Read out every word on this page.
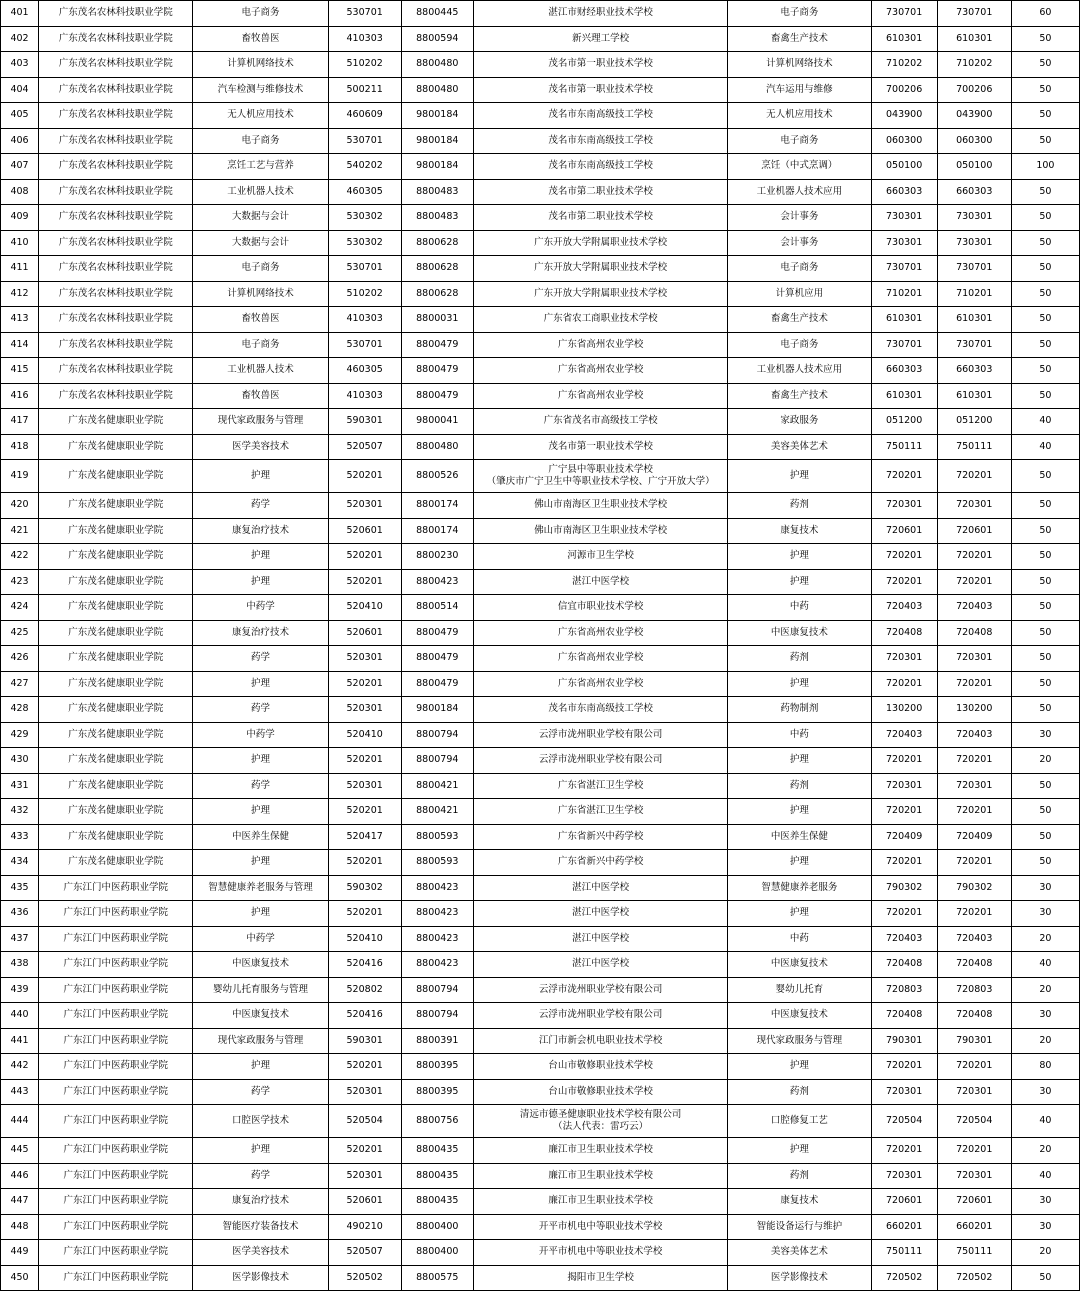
401	广东茂名农林科技职业学院	电子商务	530701	8800445	湛江市财经职业技术学校	电子商务	730701	730701	60

402	广东茂名农林科技职业学院	畜牧兽医	410303	8800594	新兴理工学校	畜禽生产技术	610301	610301	50

403	广东茂名农林科技职业学院	计算机网络技术	510202	8800480	茂名市第一职业技术学校	计算机网络技术	710202	710202	50

404	广东茂名农林科技职业学院	汽车检测与维修技术	500211	8800480	茂名市第一职业技术学校	汽车运用与维修	700206	700206	50

405	广东茂名农林科技职业学院	无人机应用技术	460609	9800184	茂名市东南高级技工学校	无人机应用技术	043900	043900	50

406	广东茂名农林科技职业学院	电子商务	530701	9800184	茂名市东南高级技工学校	电子商务	060300	060300	50

407	广东茂名农林科技职业学院	烹饪工艺与营养	540202	9800184	茂名市东南高级技工学校	烹饪（中式烹调）	050100	050100	100

408	广东茂名农林科技职业学院	工业机器人技术	460305	8800483	茂名市第二职业技术学校	工业机器人技术应用	660303	660303	50

409	广东茂名农林科技职业学院	大数据与会计	530302	8800483	茂名市第二职业技术学校	会计事务	730301	730301	50

410	广东茂名农林科技职业学院	大数据与会计	530302	8800628	广东开放大学附属职业技术学校	会计事务	730301	730301	50

411	广东茂名农林科技职业学院	电子商务	530701	8800628	广东开放大学附属职业技术学校	电子商务	730701	730701	50

412	广东茂名农林科技职业学院	计算机网络技术	510202	8800628	广东开放大学附属职业技术学校	计算机应用	710201	710201	50

413	广东茂名农林科技职业学院	畜牧兽医	410303	8800031	广东省农工商职业技术学校	畜禽生产技术	610301	610301	50

414	广东茂名农林科技职业学院	电子商务	530701	8800479	广东省高州农业学校	电子商务	730701	730701	50

415	广东茂名农林科技职业学院	工业机器人技术	460305	8800479	广东省高州农业学校	工业机器人技术应用	660303	660303	50

416	广东茂名农林科技职业学院	畜牧兽医	410303	8800479	广东省高州农业学校	畜禽生产技术	610301	610301	50

417	广东茂名健康职业学院	现代家政服务与管理	590301	9800041	广东省茂名市高级技工学校	家政服务	051200	051200	40

418	广东茂名健康职业学院	医学美容技术	520507	8800480	茂名市第一职业技术学校	美容美体艺术	750111	750111	40

419	广东茂名健康职业学院	护理	520201	8800526	广宁县中等职业技术学校
（肇庆市广宁卫生中等职业技术学校、广宁开放大学）	护理	720201	720201	50

420	广东茂名健康职业学院	药学	520301	8800174	佛山市南海区卫生职业技术学校	药剂	720301	720301	50

421	广东茂名健康职业学院	康复治疗技术	520601	8800174	佛山市南海区卫生职业技术学校	康复技术	720601	720601	50

422	广东茂名健康职业学院	护理	520201	8800230	河源市卫生学校	护理	720201	720201	50

423	广东茂名健康职业学院	护理	520201	8800423	湛江中医学校	护理	720201	720201	50

424	广东茂名健康职业学院	中药学	520410	8800514	信宜市职业技术学校	中药	720403	720403	50

425	广东茂名健康职业学院	康复治疗技术	520601	8800479	广东省高州农业学校	中医康复技术	720408	720408	50

426	广东茂名健康职业学院	药学	520301	8800479	广东省高州农业学校	药剂	720301	720301	50

427	广东茂名健康职业学院	护理	520201	8800479	广东省高州农业学校	护理	720201	720201	50

428	广东茂名健康职业学院	药学	520301	9800184	茂名市东南高级技工学校	药物制剂	130200	130200	50

429	广东茂名健康职业学院	中药学	520410	8800794	云浮市泷州职业学校有限公司	中药	720403	720403	30

430	广东茂名健康职业学院	护理	520201	8800794	云浮市泷州职业学校有限公司	护理	720201	720201	20

431	广东茂名健康职业学院	药学	520301	8800421	广东省湛江卫生学校	药剂	720301	720301	50

432	广东茂名健康职业学院	护理	520201	8800421	广东省湛江卫生学校	护理	720201	720201	50

433	广东茂名健康职业学院	中医养生保健	520417	8800593	广东省新兴中药学校	中医养生保健	720409	720409	50

434	广东茂名健康职业学院	护理	520201	8800593	广东省新兴中药学校	护理	720201	720201	50

435	广东江门中医药职业学院	智慧健康养老服务与管理	590302	8800423	湛江中医学校	智慧健康养老服务	790302	790302	30

436	广东江门中医药职业学院	护理	520201	8800423	湛江中医学校	护理	720201	720201	30

437	广东江门中医药职业学院	中药学	520410	8800423	湛江中医学校	中药	720403	720403	20

438	广东江门中医药职业学院	中医康复技术	520416	8800423	湛江中医学校	中医康复技术	720408	720408	40

439	广东江门中医药职业学院	婴幼儿托育服务与管理	520802	8800794	云浮市泷州职业学校有限公司	婴幼儿托育	720803	720803	20

440	广东江门中医药职业学院	中医康复技术	520416	8800794	云浮市泷州职业学校有限公司	中医康复技术	720408	720408	30

441	广东江门中医药职业学院	现代家政服务与管理	590301	8800391	江门市新会机电职业技术学校	现代家政服务与管理	790301	790301	20

442	广东江门中医药职业学院	护理	520201	8800395	台山市敬修职业技术学校	护理	720201	720201	80

443	广东江门中医药职业学院	药学	520301	8800395	台山市敬修职业技术学校	药剂	720301	720301	30

444	广东江门中医药职业学院	口腔医学技术	520504	8800756	清远市德圣健康职业技术学校有限公司
（法人代表：雷巧云）	口腔修复工艺	720504	720504	40

445	广东江门中医药职业学院	护理	520201	8800435	廉江市卫生职业技术学校	护理	720201	720201	20

446	广东江门中医药职业学院	药学	520301	8800435	廉江市卫生职业技术学校	药剂	720301	720301	40

447	广东江门中医药职业学院	康复治疗技术	520601	8800435	廉江市卫生职业技术学校	康复技术	720601	720601	30

448	广东江门中医药职业学院	智能医疗装备技术	490210	8800400	开平市机电中等职业技术学校	智能设备运行与维护	660201	660201	30

449	广东江门中医药职业学院	医学美容技术	520507	8800400	开平市机电中等职业技术学校	美容美体艺术	750111	750111	20

450	广东江门中医药职业学院	医学影像技术	520502	8800575	揭阳市卫生学校	医学影像技术	720502	720502	50
